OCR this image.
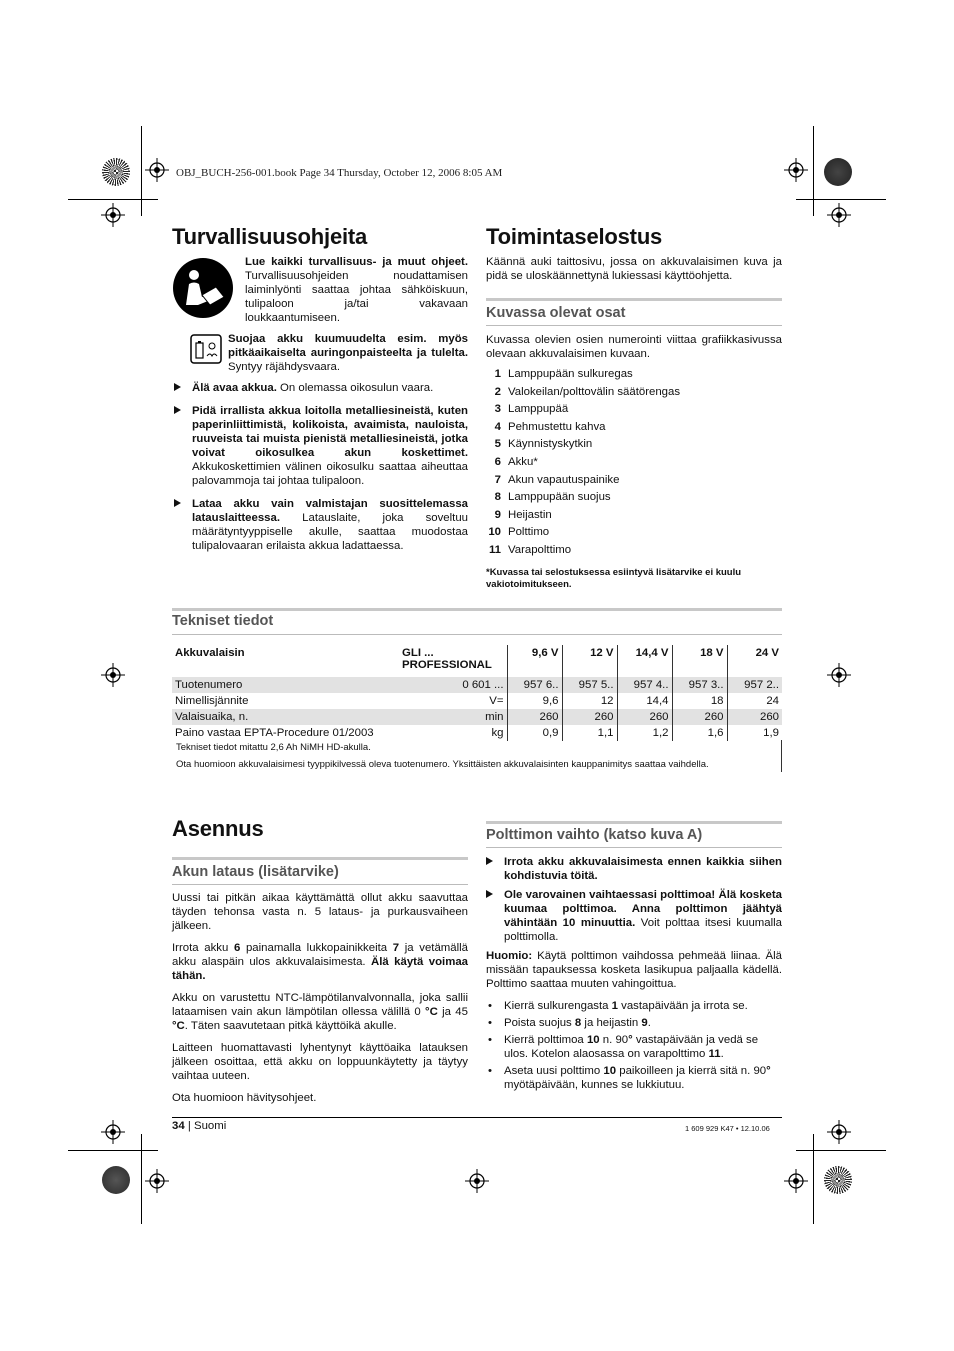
OBJ_BUCH-256-001.book Page 34 Thursday, October 12, 2006 8:05 AM
Turvallisuusohjeita
Lue kaikki turvallisuus- ja muut ohjeet. Turvallisuusohjeiden noudattamisen laiminlyönti saattaa johtaa sähköiskuun, tulipaloon ja/tai vakavaan loukkaantumiseen.
Suojaa akku kuumuudelta esim. myös pitkäaikaiselta auringonpaisteelta ja tulelta. Syntyy räjähdysvaara.
Älä avaa akkua. On olemassa oikosulun vaara.
Pidä irrallista akkua loitolla metalliesineistä, kuten paperinliittimistä, kolikoista, avaimista, nauloista, ruuveista tai muista pienistä metalliesineistä, jotka voivat oikosulkea akun koskettimet. Akkukoskettimien välinen oikosulku saattaa aiheuttaa palovammoja tai johtaa tulipaloon.
Lataa akku vain valmistajan suosittelemassa latauslaitteessa. Latauslaite, joka soveltuu määrätyntyyppiselle akulle, saattaa muodostaa tulipalovaaran erilaista akkua ladattaessa.
Toimintaselostus
Käännä auki taittosivu, jossa on akkuvalaisimen kuva ja pidä se uloskäännettynä lukiessasi käyttöohjetta.
Kuvassa olevat osat
Kuvassa olevien osien numerointi viittaa grafiikkasivussa olevaan akkuvalaisimen kuvaan.
1 Lamppupään sulkuregas
2 Valokeilan/polttovälin säätörengas
3 Lamppupää
4 Pehmustettu kahva
5 Käynnistyskytkin
6 Akku*
7 Akun vapautuspainike
8 Lamppupään suojus
9 Heijastin
10 Polttimo
11 Varapolttimo
*Kuvassa tai selostuksessa esiintyvä lisätarvike ei kuulu vakiotoimitukseen.
Tekniset tiedot
Akkuvalaisin	GLI ...
PROFESSIONAL	9,6 V	12 V	14,4 V	18 V	24 V
Tuotenumero	0 601 ...	957 6..	957 5..	957 4..	957 3..	957 2..
Nimellisjännite	V=	9,6	12	14,4	18	24
Valaisuaika, n.	min	260	260	260	260	260
Paino vastaa EPTA-Procedure 01/2003	kg	0,9	1,1	1,2	1,6	1,9
Tekniset tiedot mitattu 2,6 Ah NiMH HD-akulla.
Ota huomioon akkuvalaisimesi tyyppikilvessä oleva tuotenumero. Yksittäisten akkuvalaisinten kauppanimitys saattaa vaihdella.
Asennus
Akun lataus (lisätarvike)

Uussi tai pitkän aikaa käyttämättä ollut akku saavuttaa täyden tehonsa vasta n. 5 lataus- ja purkausvaiheen jälkeen.

Irrota akku 6 painamalla lukkopainikkeita 7 ja vetämällä akku alaspäin ulos akkuvalaisimesta. Älä käytä voimaa tähän.

Akku on varustettu NTC-lämpötilanvalvonnalla, joka sallii lataamisen vain akun lämpötilan ollessa välillä 0 °C ja 45 °C. Täten saavutetaan pitkä käyttöikä akulle.

Laitteen huomattavasti lyhentynyt käyttöaika latauksen jälkeen osoittaa, että akku on loppuunkäytetty ja täytyy vaihtaa uuteen.

Ota huomioon hävitysohjeet.

Polttimon vaihto (katso kuva A)
Irrota akku akkuvalaisimesta ennen kaikkia siihen kohdistuvia töitä.
Ole varovainen vaihtaessasi polttimoa! Älä kosketa kuumaa polttimoa. Anna polttimon jäähtyä vähintään 10 minuuttia. Voit polttaa itsesi kuumalla polttimolla.

Huomio: Käytä polttimon vaihdossa pehmeää liinaa. Älä missään tapauksessa kosketa lasikupua paljaalla kädellä. Polttimo saattaa muuten vahingoittua.

• Kierrä sulkurengasta 1 vastapäivään ja irrota se.
• Poista suojus 8 ja heijastin 9.
• Kierrä polttimoa 10 n. 90° vastapäivään ja vedä se ulos. Kotelon alaosassa on varapolttimo 11.
• Aseta uusi polttimo 10 paikoilleen ja kierrä sitä n. 90° myötäpäivään, kunnes se lukkiutuu.
34 | Suomi	1 609 929 K47 • 12.10.06
